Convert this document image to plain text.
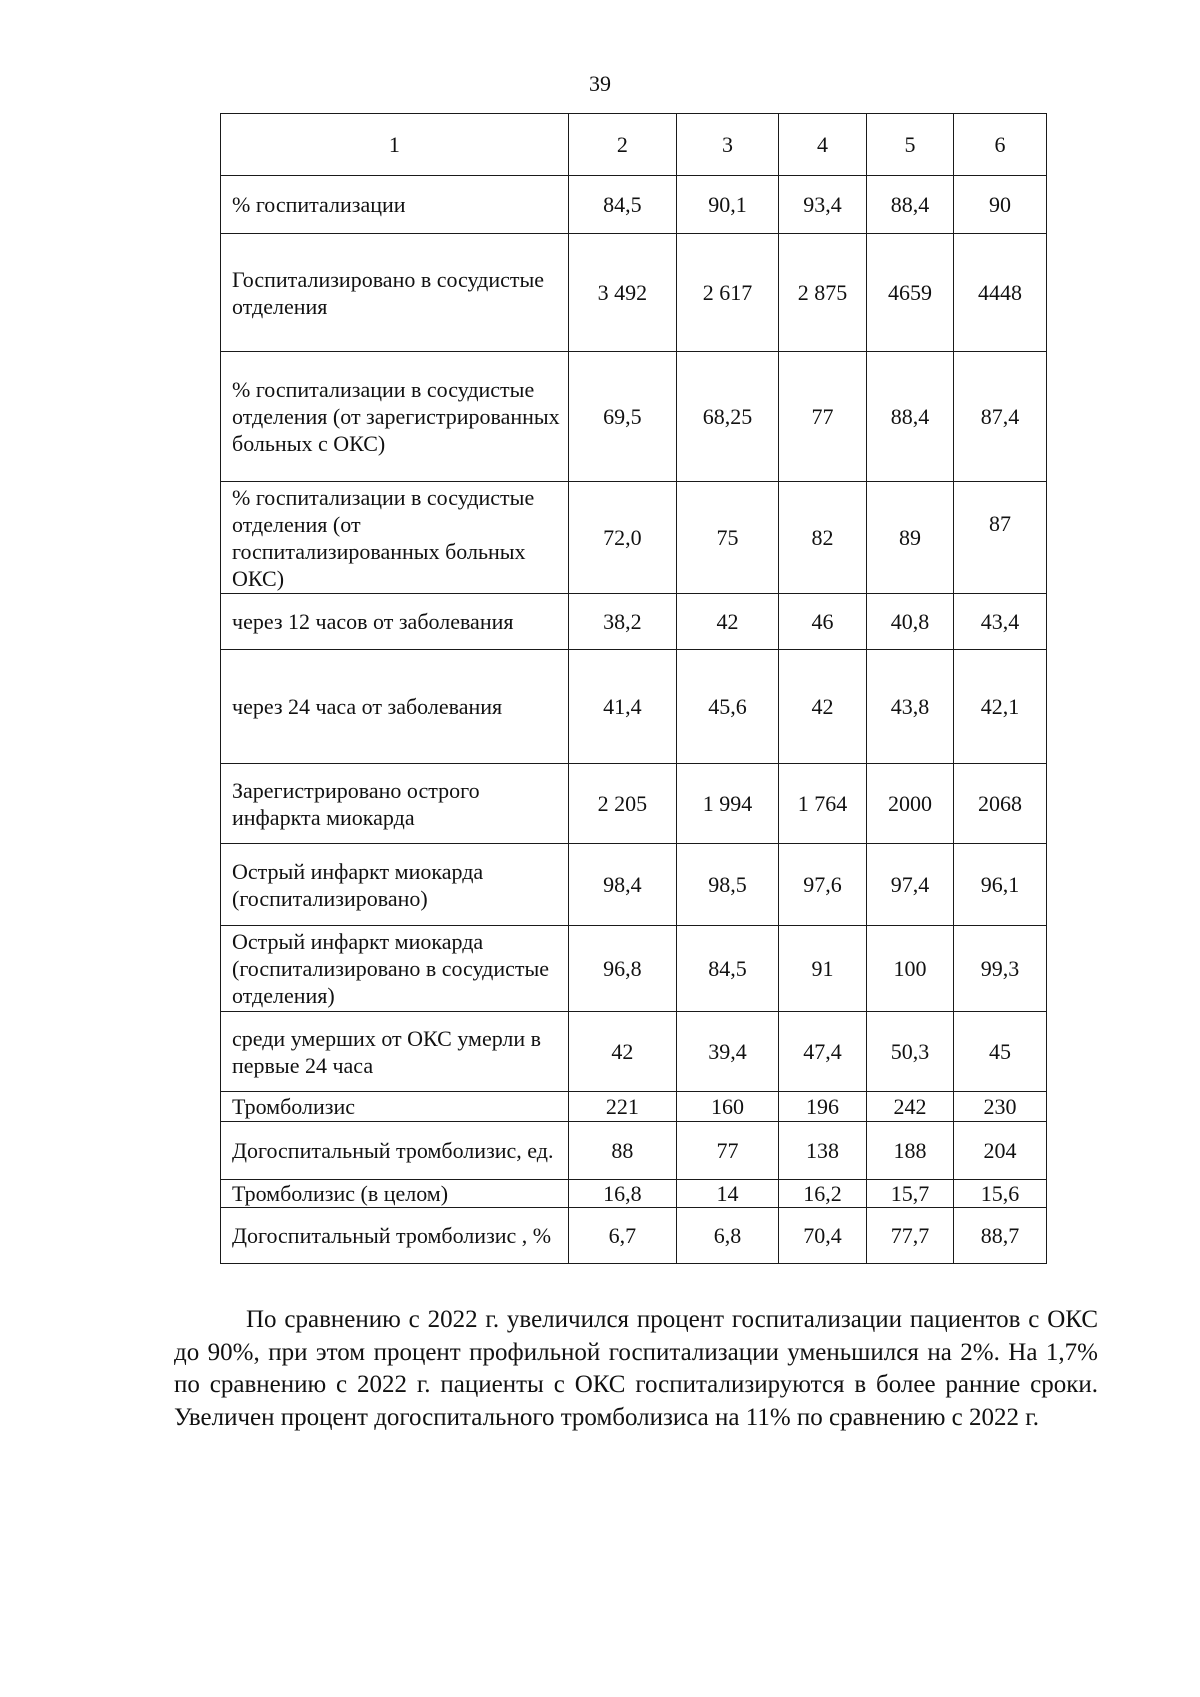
39
1	2	3	4	5	6
% госпитализации	84,5	90,1	93,4	88,4	90
Госпитализировано в сосудистые отделения	3 492	2 617	2 875	4659	4448
% госпитализации в сосудистые отделения (от зарегистрированных больных с ОКС)	69,5	68,25	77	88,4	87,4
% госпитализации в сосудистые отделения (от госпитализированных больных ОКС)	72,0	75	82	89	87
через 12 часов от заболевания	38,2	42	46	40,8	43,4
через 24 часа от заболевания	41,4	45,6	42	43,8	42,1
Зарегистрировано острого инфаркта миокарда	2 205	1 994	1 764	2000	2068
Острый инфаркт миокарда (госпитализировано)	98,4	98,5	97,6	97,4	96,1
Острый инфаркт миокарда (госпитализировано в сосудистые отделения)	96,8	84,5	91	100	99,3
среди умерших от ОКС умерли в первые 24 часа	42	39,4	47,4	50,3	45
Тромболизис	221	160	196	242	230
Догоспитальный тромболизис, ед.	88	77	138	188	204
Тромболизис (в целом)	16,8	14	16,2	15,7	15,6
Догоспитальный тромболизис , %	6,7	6,8	70,4	77,7	88,7

По сравнению с 2022 г. увеличился процент госпитализации пациентов с ОКС до 90%, при этом процент профильной госпитализации уменьшился на 2%. На 1,7% по сравнению с 2022 г. пациенты с ОКС госпитализируются в более ранние сроки. Увеличен процент догоспитального тромболизиса на 11% по сравнению с 2022 г.
